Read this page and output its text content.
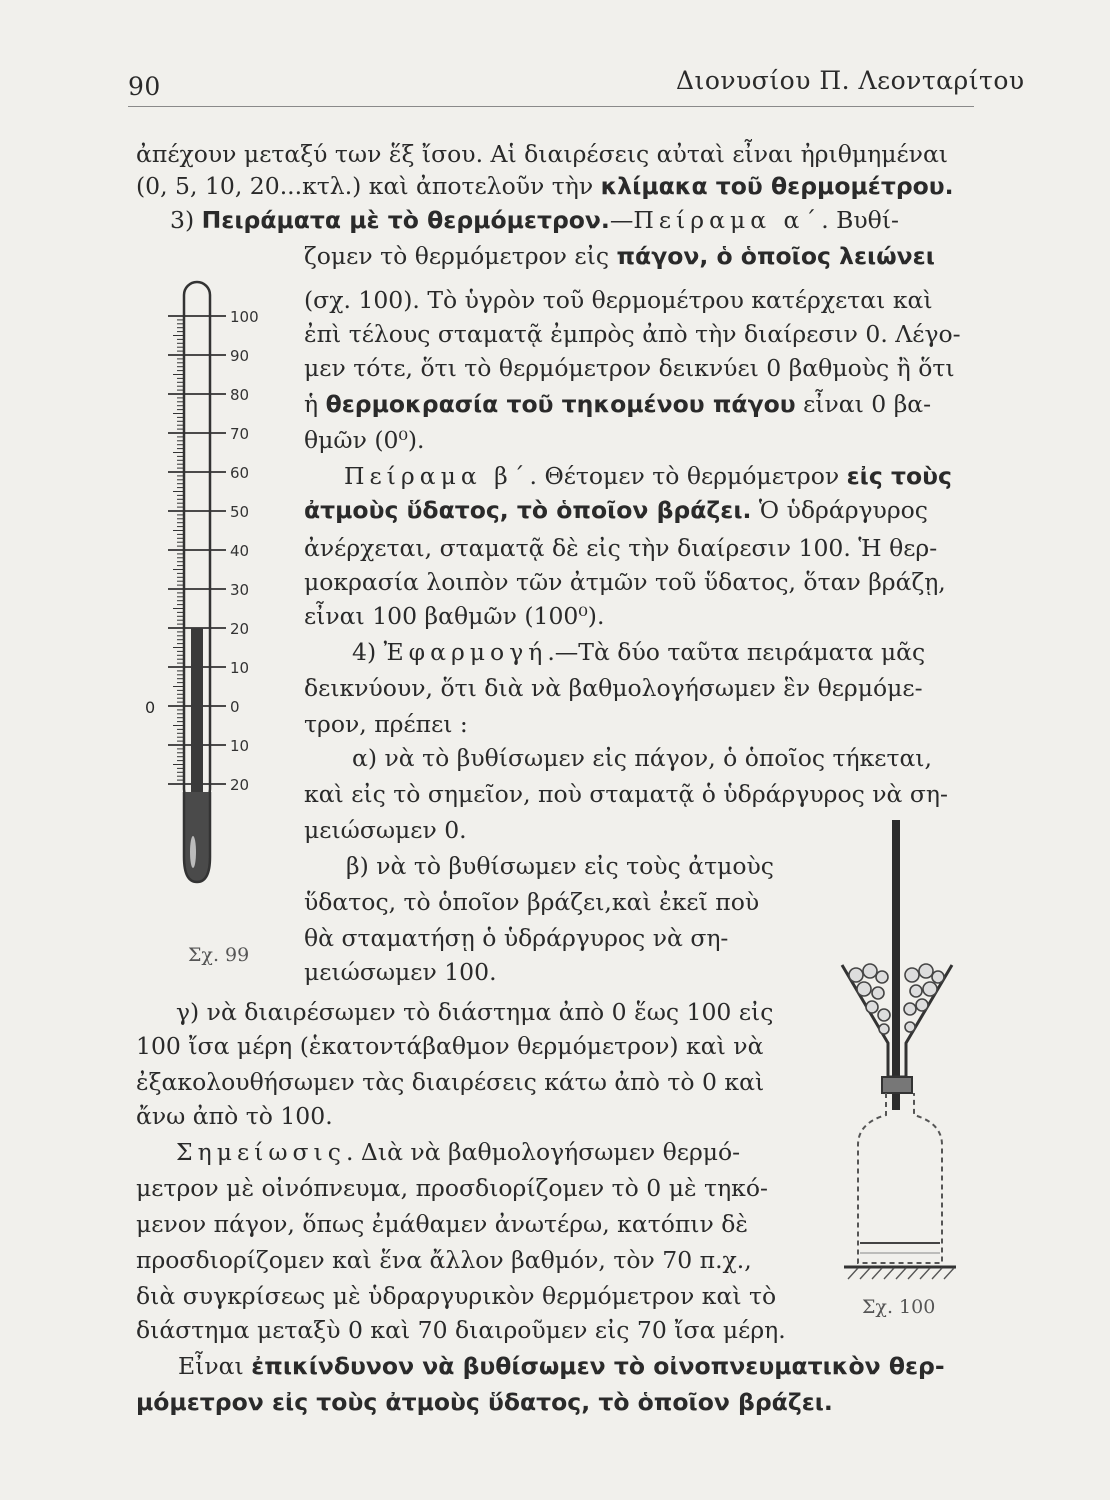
90	Διονυσίου Π. Λεονταρίτου
ἀπέχουν μεταξύ των ἕξ ἴσου. Αἱ διαιρέσεις αὐταὶ εἶναι ἠριθμημέναι
(0, 5, 10, 20...κτλ.) καὶ ἀποτελοῦν τὴν κλίμακα τοῦ θερμομέτρου.
3) Πειράματα μὲ τὸ θερμόμετρον.—Πείραμα α΄. Βυθί-
100
90
80
70
60
50
40
30
20
10
0
10
20
0
Σχ. 99
ζομεν τὸ θερμόμετρον εἰς πάγον, ὁ ὁποῖος λειώνει
(σχ. 100). Τὸ ὑγρὸν τοῦ θερμομέτρου κατέρχεται καὶ
ἐπὶ τέλους σταματᾷ ἐμπρὸς ἀπὸ τὴν διαίρεσιν 0. Λέγο-
μεν τότε, ὅτι τὸ θερμόμετρον δεικνύει 0 βαθμοὺς ἢ ὅτι
ἡ θερμοκρασία τοῦ τηκομένου πάγου εἶναι 0 βα-
θμῶν (0⁰).
Πείραμα β΄. Θέτομεν τὸ θερμόμετρον εἰς τοὺς
ἀτμοὺς ὕδατος, τὸ ὁποῖον βράζει. Ὁ ὑδράργυρος
ἀνέρχεται, σταματᾷ δὲ εἰς τὴν διαίρεσιν 100. Ἡ θερ-
μοκρασία λοιπὸν τῶν ἀτμῶν τοῦ ὕδατος, ὅταν βράζῃ,
εἶναι 100 βαθμῶν (100⁰).
4) Ἐφαρμογή.—Τὰ δύο ταῦτα πειράματα μᾶς
δεικνύουν, ὅτι διὰ νὰ βαθμολογήσωμεν ἓν θερμόμε-
τρον, πρέπει :
α) νὰ τὸ βυθίσωμεν εἰς πάγον, ὁ ὁποῖος τήκεται,
καὶ εἰς τὸ σημεῖον, ποὺ σταματᾷ ὁ ὑδράργυρος νὰ ση-
μειώσωμεν 0.
β) νὰ τὸ βυθίσωμεν εἰς τοὺς ἀτμοὺς
ὕδατος, τὸ ὁποῖον βράζει,καὶ ἐκεῖ ποὺ
θὰ σταματήσῃ ὁ ὑδράργυρος νὰ ση-
μειώσωμεν 100.
Σχ. 100
γ) νὰ διαιρέσωμεν τὸ διάστημα ἀπὸ 0 ἕως 100 εἰς
100 ἴσα μέρη (ἑκατοντάβαθμον θερμόμετρον) καὶ νὰ
ἐξακολουθήσωμεν τὰς διαιρέσεις κάτω ἀπὸ τὸ 0 καὶ
ἄνω ἀπὸ τὸ 100.
Σημείωσις. Διὰ νὰ βαθμολογήσωμεν θερμό-
μετρον μὲ οἰνόπνευμα, προσδιορίζομεν τὸ 0 μὲ τηκό-
μενον πάγον, ὅπως ἐμάθαμεν ἀνωτέρω, κατόπιν δὲ
προσδιορίζομεν καὶ ἕνα ἄλλον βαθμόν, τὸν 70 π.χ.,
διὰ συγκρίσεως μὲ ὑδραργυρικὸν θερμόμετρον καὶ τὸ
διάστημα μεταξὺ 0 καὶ 70 διαιροῦμεν εἰς 70 ἴσα μέρη.
Εἶναι ἐπικίνδυνον νὰ βυθίσωμεν τὸ οἰνοπνευματικὸν θερ-
μόμετρον εἰς τοὺς ἀτμοὺς ὕδατος, τὸ ὁποῖον βράζει.
